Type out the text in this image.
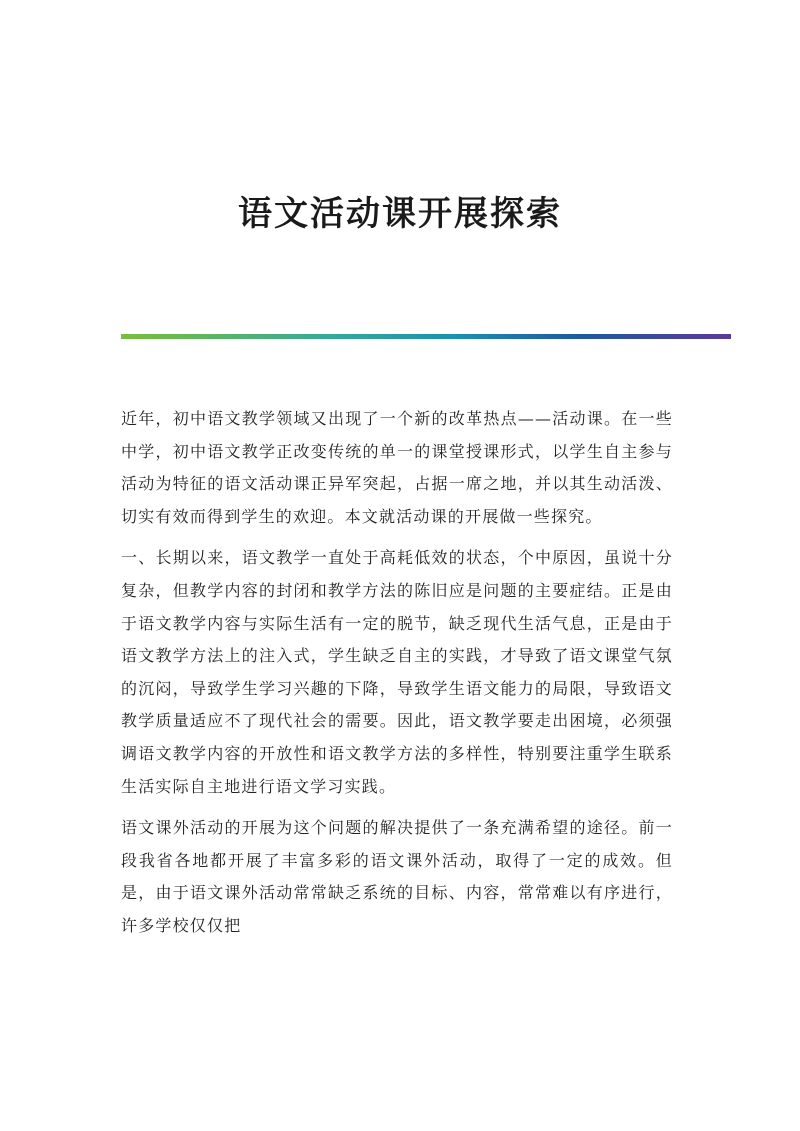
语文活动课开展探索

近年，初中语文教学领域又出现了一个新的改革热点——活动课。在一些中学，初中语文教学正改变传统的单一的课堂授课形式，以学生自主参与活动为特征的语文活动课正异军突起，占据一席之地，并以其生动活泼、切实有效而得到学生的欢迎。本文就活动课的开展做一些探究。

一、长期以来，语文教学一直处于高耗低效的状态，个中原因，虽说十分复杂，但教学内容的封闭和教学方法的陈旧应是问题的主要症结。正是由于语文教学内容与实际生活有一定的脱节，缺乏现代生活气息，正是由于语文教学方法上的注入式，学生缺乏自主的实践，才导致了语文课堂气氛的沉闷，导致学生学习兴趣的下降，导致学生语文能力的局限，导致语文教学质量适应不了现代社会的需要。因此，语文教学要走出困境，必须强调语文教学内容的开放性和语文教学方法的多样性，特别要注重学生联系生活实际自主地进行语文学习实践。

语文课外活动的开展为这个问题的解决提供了一条充满希望的途径。前一段我省各地都开展了丰富多彩的语文课外活动，取得了一定的成效。但是，由于语文课外活动常常缺乏系统的目标、内容，常常难以有序进行，许多学校仅仅把
